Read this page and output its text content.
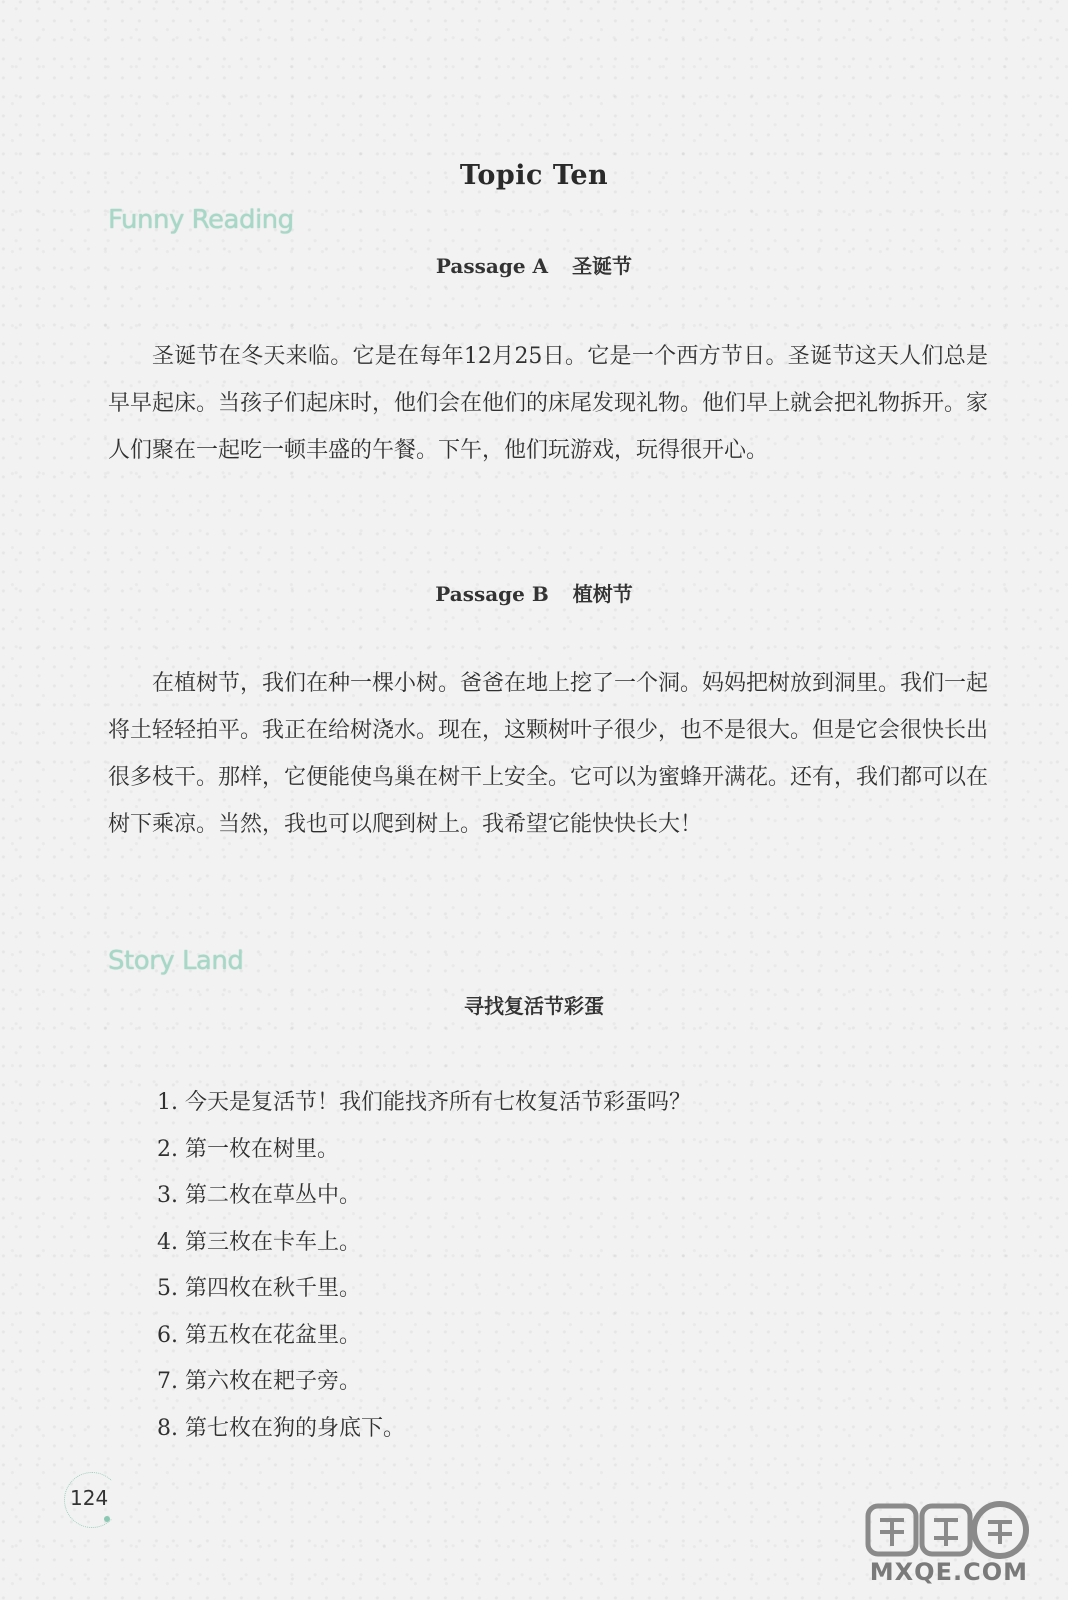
Topic Ten
Funny Reading
Passage A 圣诞节
圣诞节在冬天来临。它是在每年12月25日。它是一个西方节日。圣诞节这天人们总是早早起床。当孩子们起床时，他们会在他们的床尾发现礼物。他们早上就会把礼物拆开。家人们聚在一起吃一顿丰盛的午餐。下午，他们玩游戏，玩得很开心。
Passage B 植树节
在植树节，我们在种一棵小树。爸爸在地上挖了一个洞。妈妈把树放到洞里。我们一起将土轻轻拍平。我正在给树浇水。现在，这颗树叶子很少，也不是很大。但是它会很快长出很多枝干。那样，它便能使鸟巢在树干上安全。它可以为蜜蜂开满花。还有，我们都可以在树下乘凉。当然，我也可以爬到树上。我希望它能快快长大！
Story Land
寻找复活节彩蛋
1. 今天是复活节！我们能找齐所有七枚复活节彩蛋吗？
2. 第一枚在树里。
3. 第二枚在草丛中。
4. 第三枚在卡车上。
5. 第四枚在秋千里。
6. 第五枚在花盆里。
7. 第六枚在耙子旁。
8. 第七枚在狗的身底下。
124
MXQE.COM
